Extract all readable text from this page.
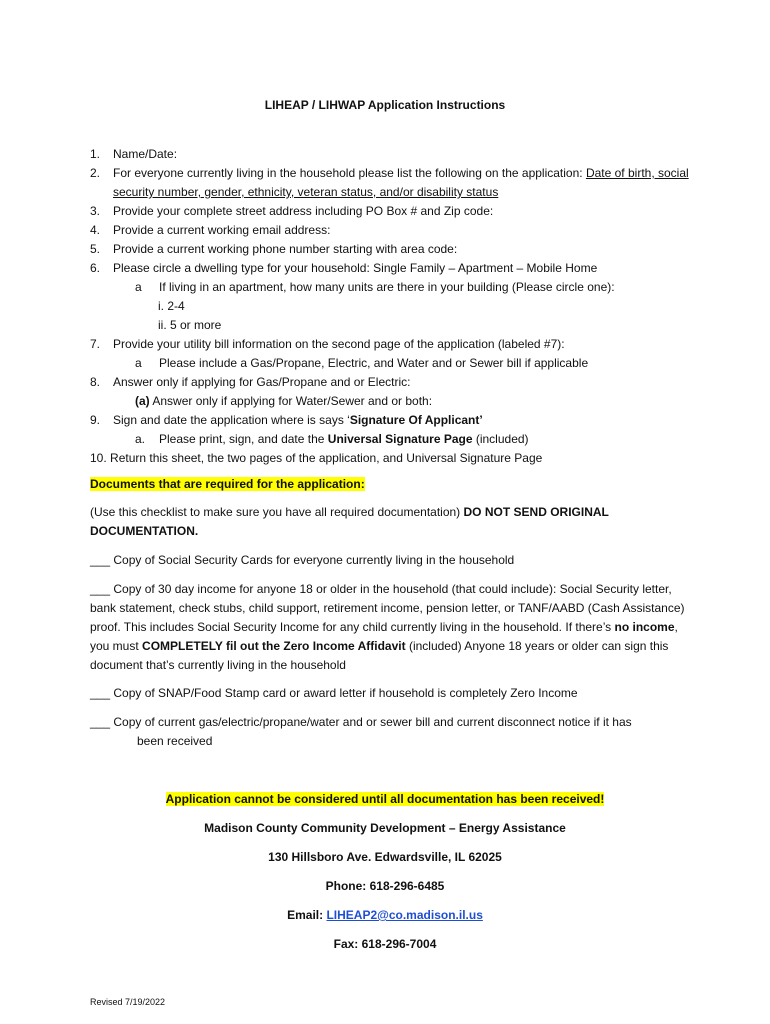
LIHEAP / LIHWAP Application Instructions
1. Name/Date:
2. For everyone currently living in the household please list the following on the application: Date of birth, social security number, gender, ethnicity, veteran status, and/or disability status
3. Provide your complete street address including PO Box # and Zip code:
4. Provide a current working email address:
5. Provide a current working phone number starting with area code:
6. Please circle a dwelling type for your household: Single Family – Apartment – Mobile Home
a	If living in an apartment, how many units are there in your building (Please circle one):
i. 2-4
ii. 5 or more
7. Provide your utility bill information on the second page of the application (labeled #7):
a	Please include a Gas/Propane, Electric, and Water and or Sewer bill if applicable
8. Answer only if applying for Gas/Propane and or Electric:
(a) Answer only if applying for Water/Sewer and or both:
9. Sign and date the application where is says ‘Signature Of Applicant’
a.	Please print, sign, and date the Universal Signature Page (included)
10. Return this sheet, the two pages of the application, and Universal Signature Page
Documents that are required for the application:
(Use this checklist to make sure you have all required documentation) DO NOT SEND ORIGINAL DOCUMENTATION.
___ Copy of Social Security Cards for everyone currently living in the household
___ Copy of 30 day income for anyone 18 or older in the household (that could include): Social Security letter, bank statement, check stubs, child support, retirement income, pension letter, or TANF/AABD (Cash Assistance) proof. This includes Social Security Income for any child currently living in the household. If there’s no income, you must COMPLETELY fil out the Zero Income Affidavit (included) Anyone 18 years or older can sign this document that’s currently living in the household
___ Copy of SNAP/Food Stamp card or award letter if household is completely Zero Income
___ Copy of current gas/electric/propane/water and or sewer bill and current disconnect notice if it has
been received
Application cannot be considered until all documentation has been received!
Madison County Community Development – Energy Assistance
130 Hillsboro Ave. Edwardsville, IL 62025
Phone: 618-296-6485
Email: LIHEAP2@co.madison.il.us
Fax: 618-296-7004
Revised 7/19/2022
